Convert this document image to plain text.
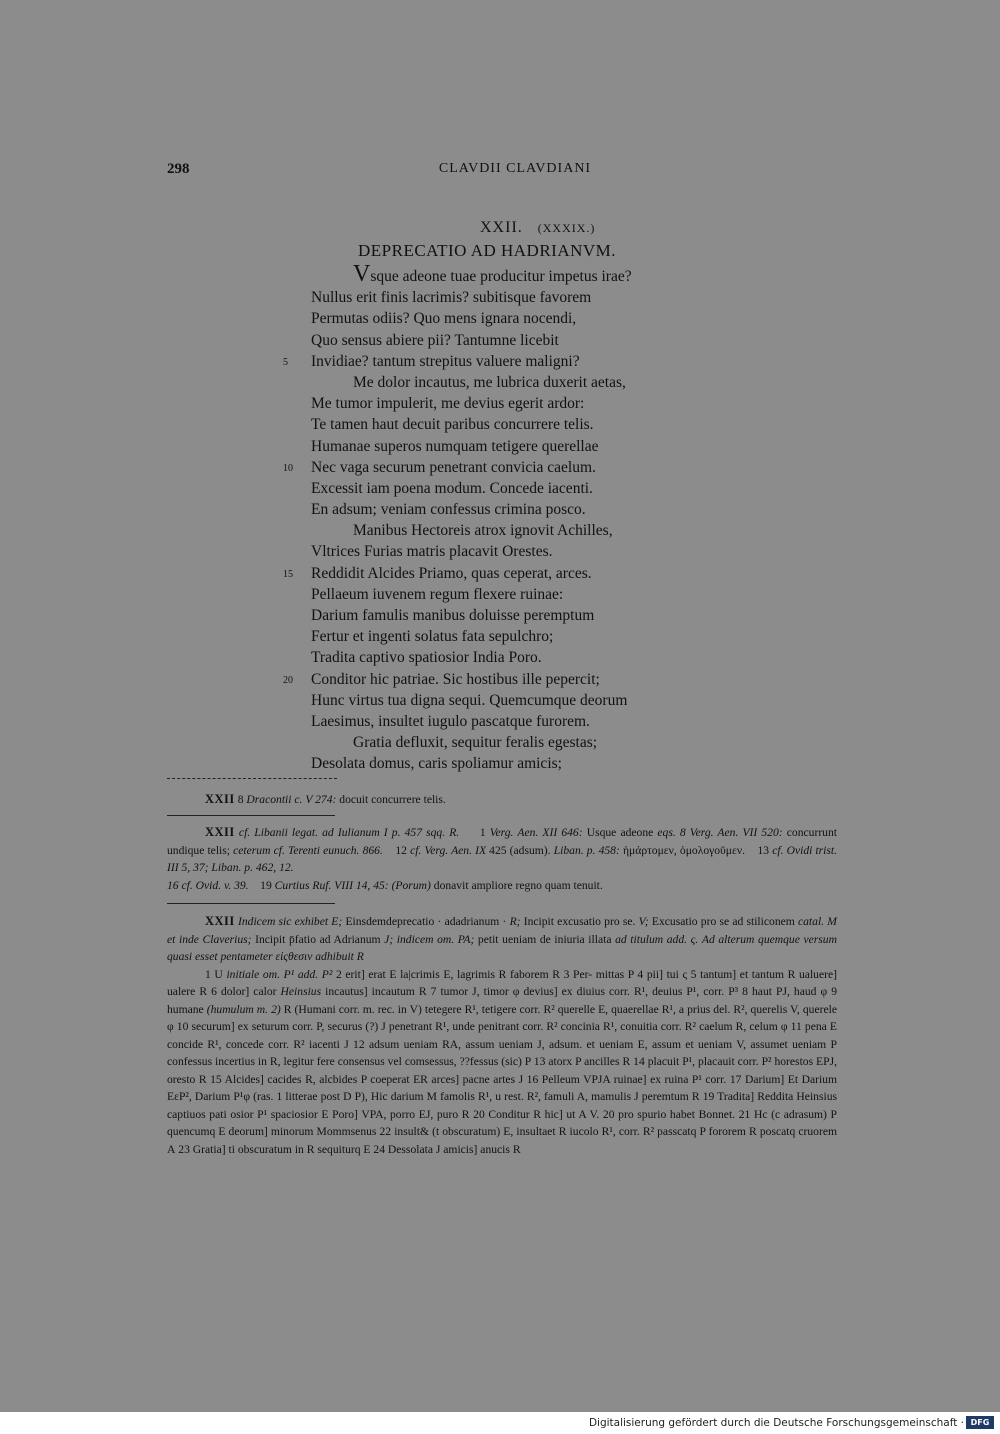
298	CLAVDII CLAVDIANI
XXII. (XXXIX.)
DEPRECATIO AD HADRIANVM.
Vsque adeone tuae producitur impetus irae?
Nullus erit finis lacrimis? subitisque favorem
Permutas odiis? Quo mens ignara nocendi,
Quo sensus abiere pii? Tantumne licebit
Invidiae? tantum strepitus valuere maligni?
5
Me dolor incautus, me lubrica duxerit aetas,
Me tumor impulerit, me devius egerit ardor:
Te tamen haut decuit paribus concurrere telis.
Humanae superos numquam tetigere querellae
Nec vaga securum penetrant convicia caelum.
10
Excessit iam poena modum. Concede iacenti.
En adsum; veniam confessus crimina posco.
Manibus Hectoreis atrox ignovit Achilles,
Vltrices Furias matris placavit Orestes.
Reddidit Alcides Priamo, quas ceperat, arces.
15
Pellaeum iuvenem regum flexere ruinae:
Darium famulis manibus doluisse peremptum
Fertur et ingenti solatus fata sepulchro;
Tradita captivo spatiosior India Poro.
Conditor hic patriae. Sic hostibus ille pepercit;
20
Hunc virtus tua digna sequi. Quemcumque deorum
Laesimus, insultet iugulo pascatque furorem.
Gratia defluxit, sequitur feralis egestas;
Desolata domus, caris spoliamur amicis;
XXII 8 Dracontii c. V 274: docuit concurrere telis.
XXII cf. Libanii legat. ad Iulianum I p. 457 sqq. R. 1 Verg. Aen. XII 646: Usque adeone eqs. 8 Verg. Aen. VII 520: concurrunt undique telis; ceterum cf. Terenti eunuch. 866. 12 cf. Verg. Aen. IX 425 (adsum). Liban. p. 458: ἡμάρτομεν, ὁμολογοῦμεν. 13 cf. Ovidi trist. III 5, 37; Liban. p. 462, 12.
16 cf. Ovid. v. 39. 19 Curtius Ruf. VIII 14, 45: (Porum) donavit ampliore regno quam tenuit.
XXII Indicem sic exhibet E; Einsdemdeprecatio · adadrianum · R; Incipit excusatio pro se. V; Excusatio pro se ad stiliconem catal. M et inde Claverius; Incipit p̄fatio ad Adrianum J; indicem om. PA; petit ueniam de iniuria illata ad titulum add. ς. Ad alterum quemque versum quasi esset pentameter εἰςθεσιν adhibuit R
1 U initiale om. P¹ add. P² 2 erit] erat E la|crimis E, lagrimis R faborem R 3 Per- mittas P 4 pii] tui ς 5 tantum] et tantum R ualuere] ualere R 6 dolor] calor Heinsius incautus] incautum R 7 tumor J, timor φ devius] ex diuius corr. R¹, deuius P¹, corr. P³ 8 haut PJ, haud φ 9 humane (humulum m. 2) R (Humani corr. m. rec. in V) tetegere R¹, tetigere corr. R² querelle E, quaerellae R¹, a prius del. R², querelis V, querele φ 10 securum] ex seturum corr. P, securus (?) J penetrant R¹, unde penitrant corr. R² concinia R¹, conuitia corr. R² caelum R, celum φ 11 pena E concide R¹, concede corr. R² iacenti J 12 adsum ueniam RA, assum ueniam J, adsum. et ueniam E, assum et ueniam V, assumet ueniam P confessus incertius in R, legitur fere consensus vel comsessus, ??fessus (sic) P 13 atorx P ancilles R 14 placuit P¹, placauit corr. P² horestos EPJ, oresto R 15 Alcides] cacides R, alcbides P coeperat ER arces] pacne artes J 16 Pelleum VPJA ruinae] ex ruina P¹ corr. 17 Darium] Et Darium EεP², Darium P¹φ (ras. 1 litterae post D P), Hic darium M famolis R¹, u rest. R², famuli A, mamulis J peremtum R 19 Tradita] Reddita Heinsius captiuos pati osior P¹ spaciosior E Poro] VPA, porro EJ, puro R 20 Conditur R hic] ut A V. 20 pro spurio habet Bonnet. 21 Hc (c adrasum) P quencumq E deorum] minorum Mommsenus 22 insult& (t obscuratum) E, insultaet R iucolo R¹, corr. R² passcatq P fororem R poscatq cruorem A 23 Gratia] ti obscuratum in R sequiturq E 24 Dessolata J amicis] anucis R
Digitalisierung gefördert durch die Deutsche Forschungsgemeinschaft · DFG
